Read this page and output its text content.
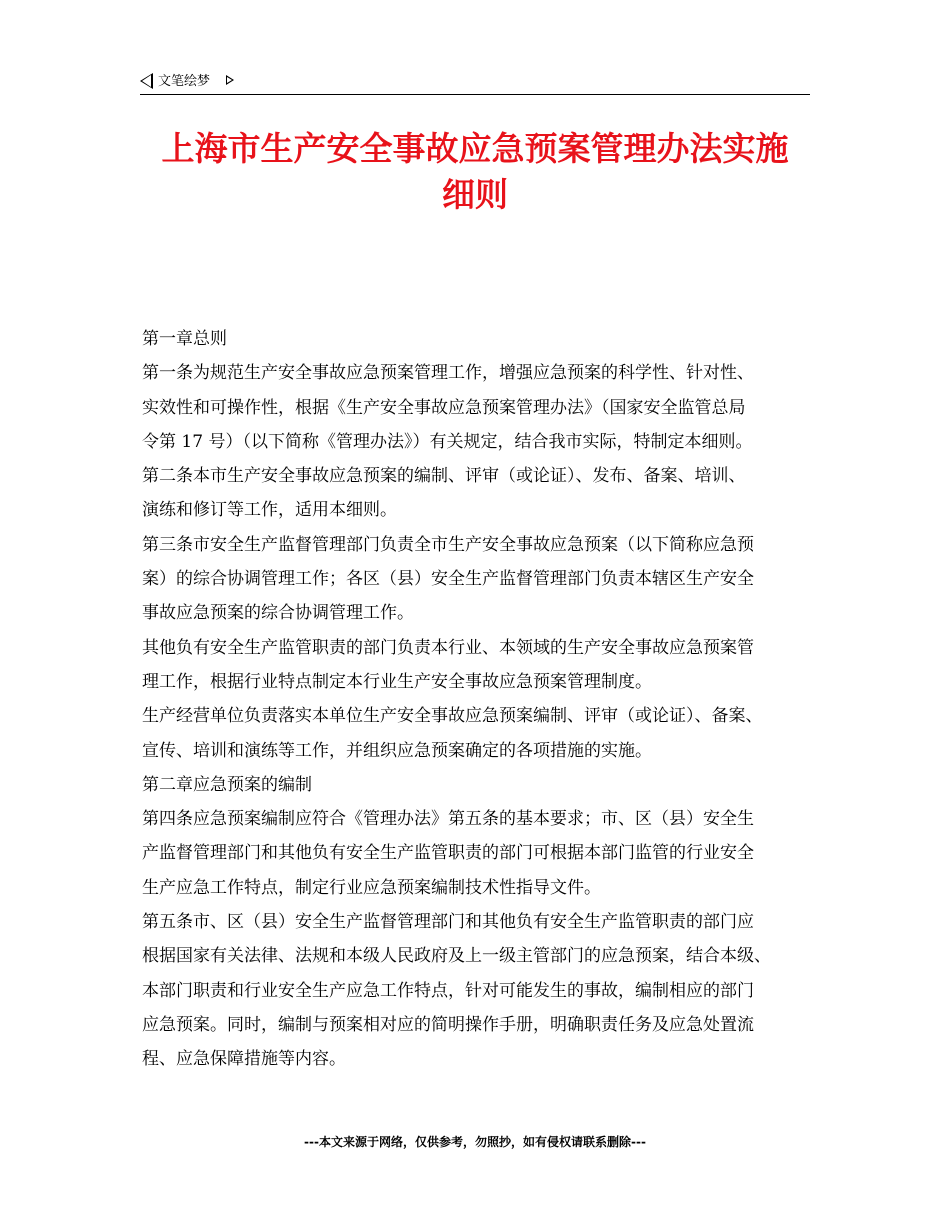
文笔绘梦
上海市生产安全事故应急预案管理办法实施
细则
第一章总则
第一条为规范生产安全事故应急预案管理工作，增强应急预案的科学性、针对性、
实效性和可操作性，根据《生产安全事故应急预案管理办法》（国家安全监管总局
令第 17 号）（以下简称《管理办法》）有关规定，结合我市实际，特制定本细则。
第二条本市生产安全事故应急预案的编制、评审（或论证）、发布、备案、培训、
演练和修订等工作，适用本细则。
第三条市安全生产监督管理部门负责全市生产安全事故应急预案（以下简称应急预
案）的综合协调管理工作；各区（县）安全生产监督管理部门负责本辖区生产安全
事故应急预案的综合协调管理工作。
其他负有安全生产监管职责的部门负责本行业、本领域的生产安全事故应急预案管
理工作，根据行业特点制定本行业生产安全事故应急预案管理制度。
生产经营单位负责落实本单位生产安全事故应急预案编制、评审（或论证）、备案、
宣传、培训和演练等工作，并组织应急预案确定的各项措施的实施。
第二章应急预案的编制
第四条应急预案编制应符合《管理办法》第五条的基本要求；市、区（县）安全生
产监督管理部门和其他负有安全生产监管职责的部门可根据本部门监管的行业安全
生产应急工作特点，制定行业应急预案编制技术性指导文件。
第五条市、区（县）安全生产监督管理部门和其他负有安全生产监管职责的部门应
根据国家有关法律、法规和本级人民政府及上一级主管部门的应急预案，结合本级、
本部门职责和行业安全生产应急工作特点，针对可能发生的事故，编制相应的部门
应急预案。同时，编制与预案相对应的简明操作手册，明确职责任务及应急处置流
程、应急保障措施等内容。
---本文来源于网络，仅供参考，勿照抄，如有侵权请联系删除---
